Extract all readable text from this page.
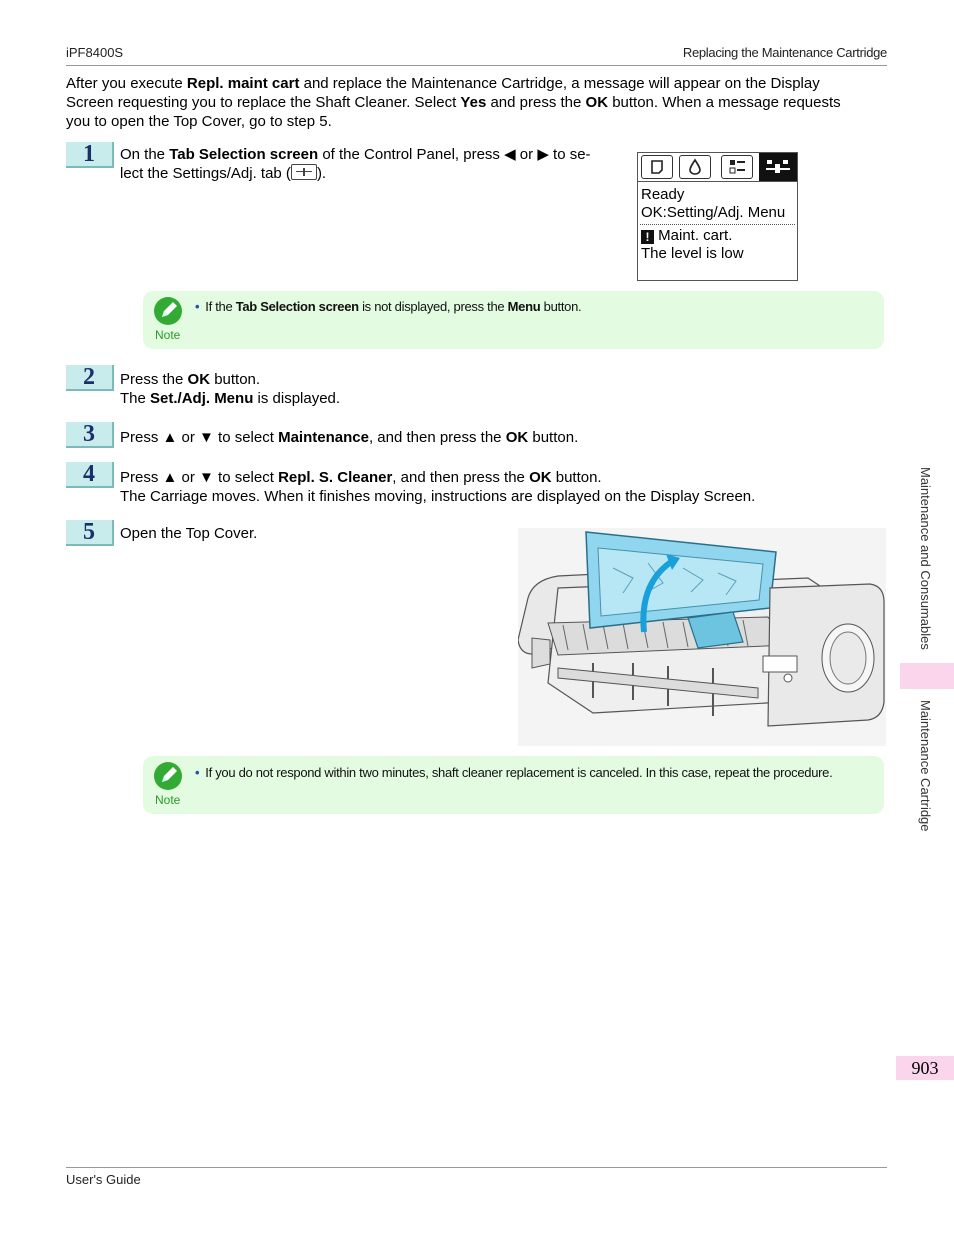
iPF8400S	Replacing the Maintenance Cartridge
After you execute Repl. maint cart and replace the Maintenance Cartridge, a message will appear on the Display
Screen requesting you to replace the Shaft Cleaner. Select Yes and press the OK button. When a message requests
you to open the Top Cover, go to step 5.
1	On the Tab Selection screen of the Control Panel, press ◀ or ▶ to se-
lect the Settings/Adj. tab ( ).
Ready
OK:Setting/Adj. Menu
! Maint. cart.
The level is low
Note
• If the Tab Selection screen is not displayed, press the Menu button.
2	Press the OK button.
The Set./Adj. Menu is displayed.
3	Press ▲ or ▼ to select Maintenance, and then press the OK button.
4	Press ▲ or ▼ to select Repl. S. Cleaner, and then press the OK button.
The Carriage moves. When it finishes moving, instructions are displayed on the Display Screen.
5	Open the Top Cover.
Note
• If you do not respond within two minutes, shaft cleaner replacement is canceled. In this case, repeat the procedure.
Maintenance and Consumables
Maintenance Cartridge
903
User's Guide
